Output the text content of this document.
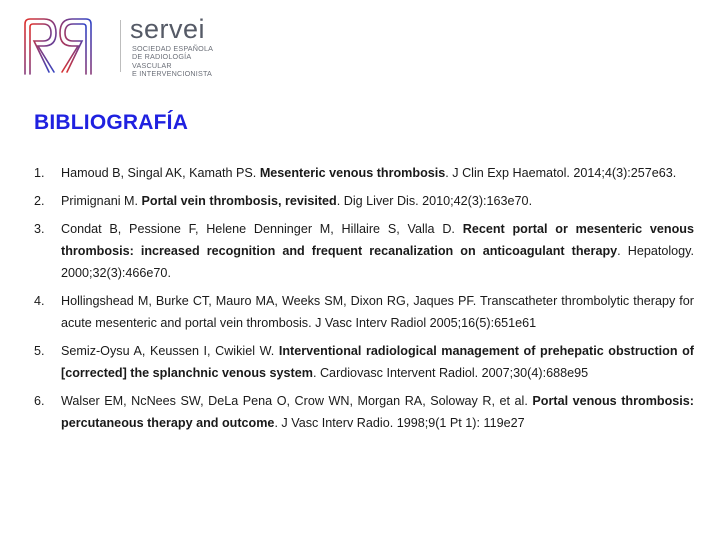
servei
SOCIEDAD ESPAÑOLA
DE RADIOLOGÍA
VASCULAR
E INTERVENCIONISTA
BIBLIOGRAFÍA
1. Hamoud B, Singal AK, Kamath PS. Mesenteric venous thrombosis. J Clin Exp Haematol. 2014;4(3):257e63.
2. Primignani M. Portal vein thrombosis, revisited. Dig Liver Dis. 2010;42(3):163e70.
3. Condat B, Pessione F, Helene Denninger M, Hillaire S, Valla D. Recent portal or mesenteric venous thrombosis: increased recognition and frequent recanalization on anticoagulant therapy. Hepatology. 2000;32(3):466e70.
4. Hollingshead M, Burke CT, Mauro MA, Weeks SM, Dixon RG, Jaques PF. Transcatheter thrombolytic therapy for acute mesenteric and portal vein thrombosis. J Vasc Interv Radiol 2005;16(5):651e61
5. Semiz-Oysu A, Keussen I, Cwikiel W. Interventional radiological management of prehepatic obstruction of [corrected] the splanchnic venous system. Cardiovasc Intervent Radiol. 2007;30(4):688e95
6. Walser EM, NcNees SW, DeLa Pena O, Crow WN, Morgan RA, Soloway R, et al. Portal venous thrombosis: percutaneous therapy and outcome. J Vasc Interv Radio. 1998;9(1 Pt 1): 119e27
